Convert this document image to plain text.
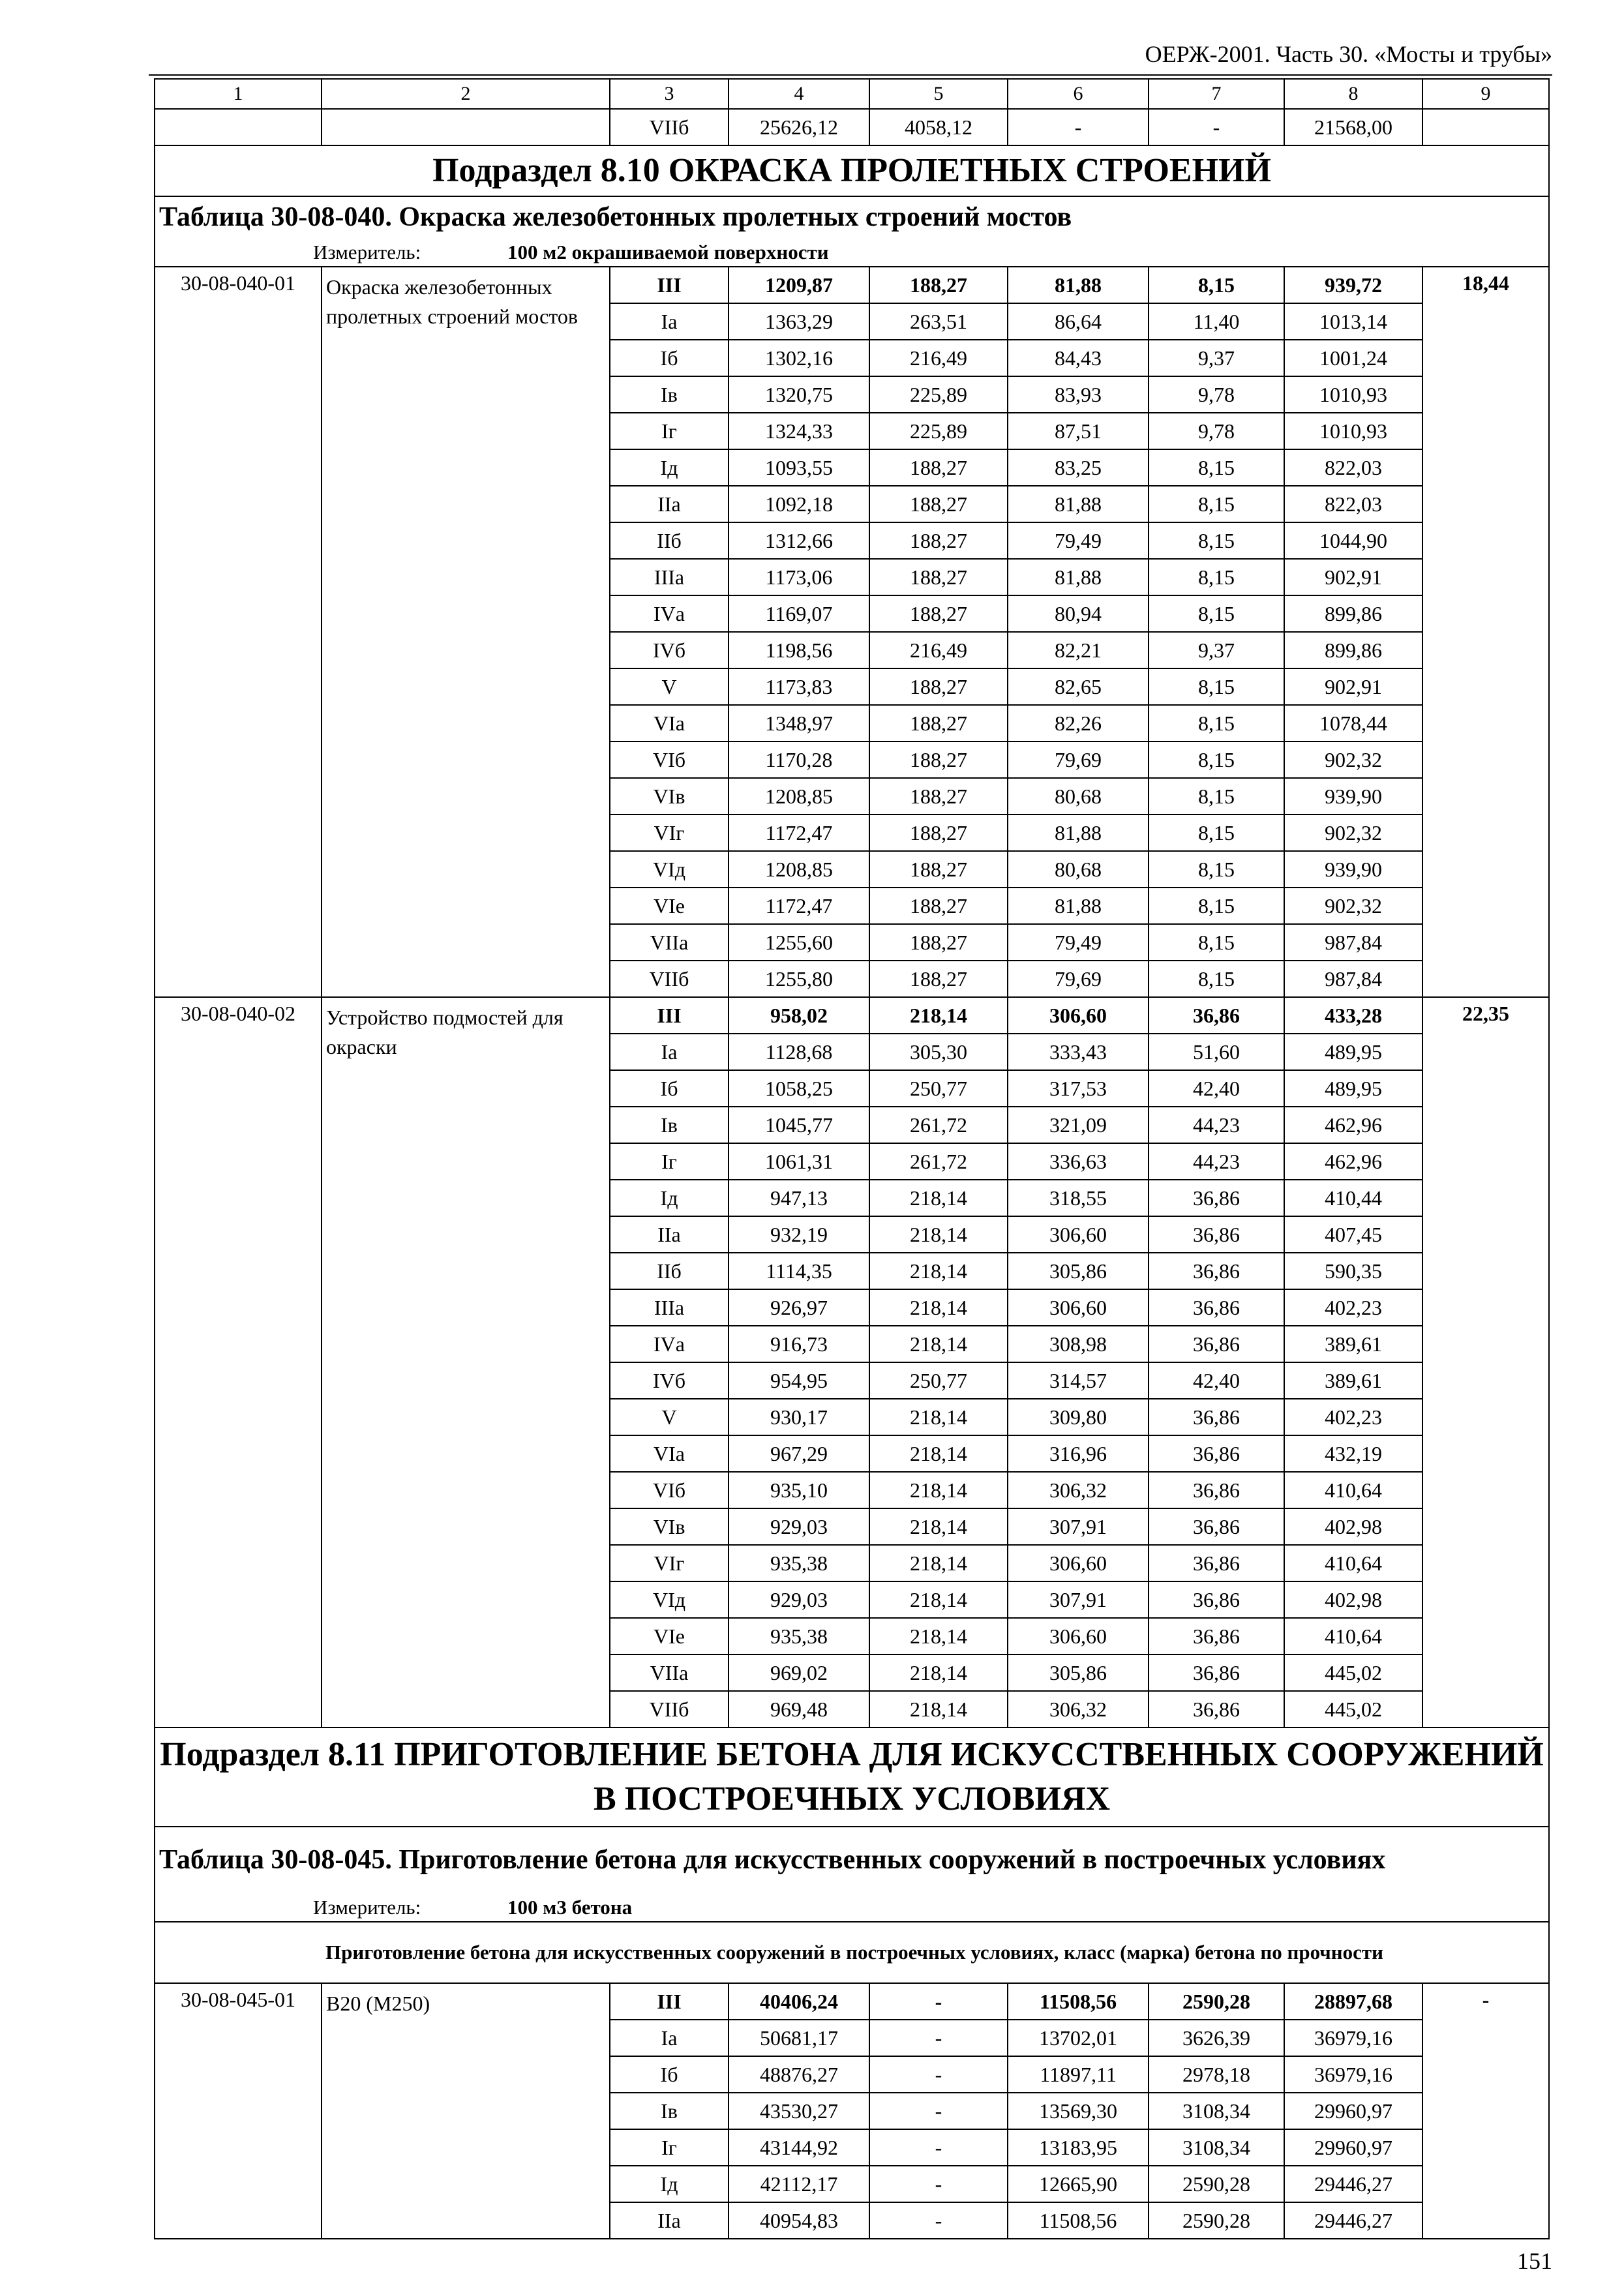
ОЕРЖ-2001. Часть 30. «Мосты и трубы»
1	2	3	4	5	6	7	8	9
		VIIб	25626,12	4058,12	-	-	21568,00	
Подраздел 8.10 ОКРАСКА ПРОЛЕТНЫХ СТРОЕНИЙ								
Таблица 30-08-040. Окраска железобетонных пролетных строений мостов								

Измеритель: 100 м2 окрашиваемой поверхности								

30-08-040-01	Окраска железобетонных пролетных строений мостов	III	1209,87	188,27	81,88	8,15	939,72	18,44
		Iа	1363,29	263,51	86,64	11,40	1013,14	
		Iб	1302,16	216,49	84,43	9,37	1001,24	
		Iв	1320,75	225,89	83,93	9,78	1010,93	
		Iг	1324,33	225,89	87,51	9,78	1010,93	
		Iд	1093,55	188,27	83,25	8,15	822,03	
		IIа	1092,18	188,27	81,88	8,15	822,03	
		IIб	1312,66	188,27	79,49	8,15	1044,90	
		IIIа	1173,06	188,27	81,88	8,15	902,91	
		IVа	1169,07	188,27	80,94	8,15	899,86	
		IVб	1198,56	216,49	82,21	9,37	899,86	
		V	1173,83	188,27	82,65	8,15	902,91	
		VIа	1348,97	188,27	82,26	8,15	1078,44	
		VIб	1170,28	188,27	79,69	8,15	902,32	
		VIв	1208,85	188,27	80,68	8,15	939,90	
		VIг	1172,47	188,27	81,88	8,15	902,32	
		VIд	1208,85	188,27	80,68	8,15	939,90	
		VIе	1172,47	188,27	81,88	8,15	902,32	
		VIIа	1255,60	188,27	79,49	8,15	987,84	
		VIIб	1255,80	188,27	79,69	8,15	987,84	
30-08-040-02	Устройство подмостей для окраски	III	958,02	218,14	306,60	36,86	433,28	22,35
		Iа	1128,68	305,30	333,43	51,60	489,95	
		Iб	1058,25	250,77	317,53	42,40	489,95	
		Iв	1045,77	261,72	321,09	44,23	462,96	
		Iг	1061,31	261,72	336,63	44,23	462,96	
		Iд	947,13	218,14	318,55	36,86	410,44	
		IIа	932,19	218,14	306,60	36,86	407,45	
		IIб	1114,35	218,14	305,86	36,86	590,35	
		IIIа	926,97	218,14	306,60	36,86	402,23	
		IVа	916,73	218,14	308,98	36,86	389,61	
		IVб	954,95	250,77	314,57	42,40	389,61	
		V	930,17	218,14	309,80	36,86	402,23	
		VIа	967,29	218,14	316,96	36,86	432,19	
		VIб	935,10	218,14	306,32	36,86	410,64	
		VIв	929,03	218,14	307,91	36,86	402,98	
		VIг	935,38	218,14	306,60	36,86	410,64	
		VIд	929,03	218,14	307,91	36,86	402,98	
		VIе	935,38	218,14	306,60	36,86	410,64	
		VIIа	969,02	218,14	305,86	36,86	445,02	
		VIIб	969,48	218,14	306,32	36,86	445,02	
Подраздел 8.11 ПРИГОТОВЛЕНИЕ БЕТОНА ДЛЯ ИСКУССТВЕННЫХ СООРУЖЕНИЙ В ПОСТРОЕЧНЫХ УСЛОВИЯХ								
Таблица 30-08-045. Приготовление бетона для искусственных сооружений в построечных условиях								

Измеритель: 100 м3 бетона								

	Приготовление бетона для искусственных сооружений в построечных условиях, класс (марка) бетона по прочности							
30-08-045-01	В20 (М250)	III	40406,24	-	11508,56	2590,28	28897,68	-
		Iа	50681,17	-	13702,01	3626,39	36979,16	
		Iб	48876,27	-	11897,11	2978,18	36979,16	
		Iв	43530,27	-	13569,30	3108,34	29960,97	
		Iг	43144,92	-	13183,95	3108,34	29960,97	
		Iд	42112,17	-	12665,90	2590,28	29446,27	
		IIа	40954,83	-	11508,56	2590,28	29446,27	
151
